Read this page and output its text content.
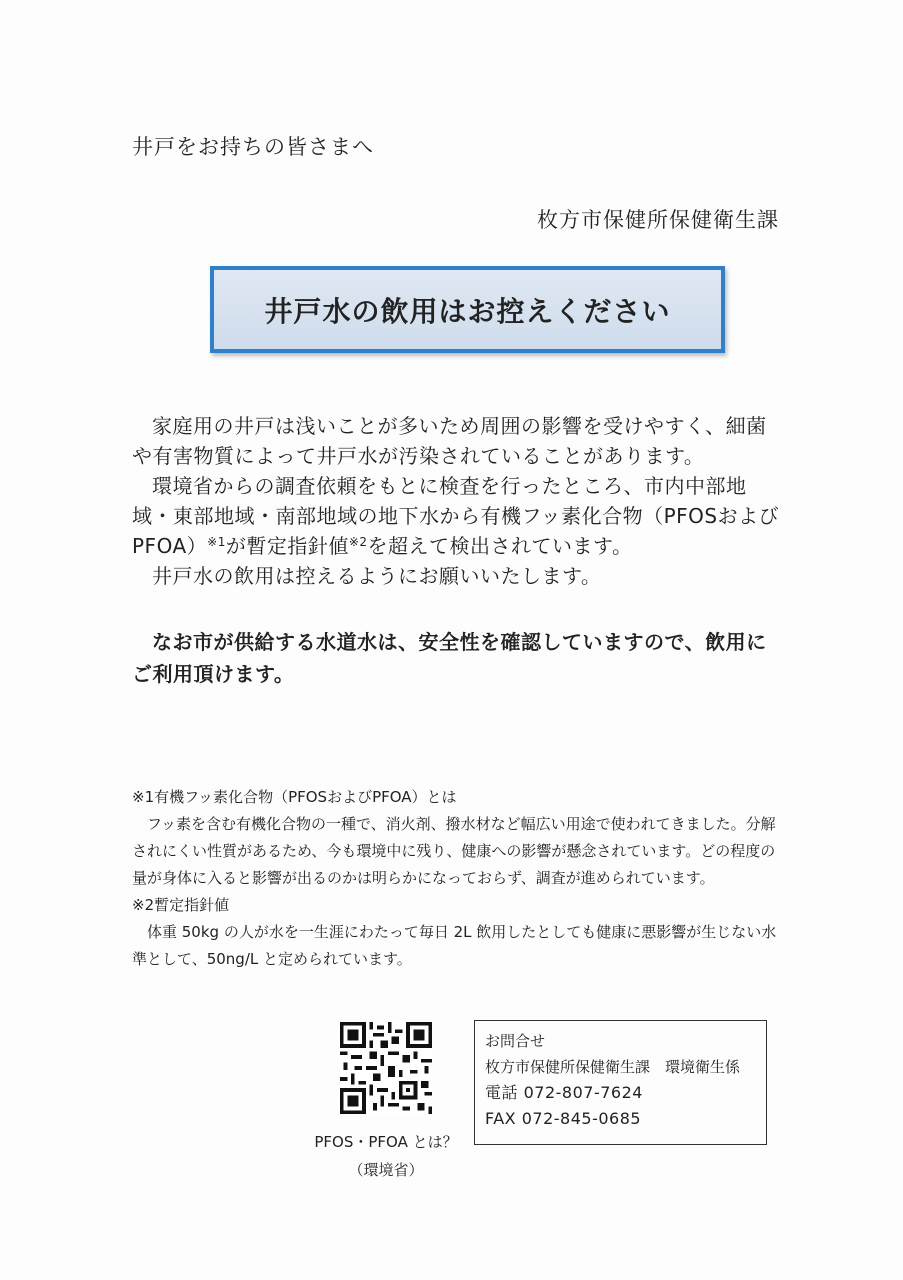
井戸をお持ちの皆さまへ
枚方市保健所保健衛生課
井戸水の飲用はお控えください

家庭用の井戸は浅いことが多いため周囲の影響を受けやすく、細菌や有害物質によって井戸水が汚染されていることがあります。

環境省からの調査依頼をもとに検査を行ったところ、市内中部地域・東部地域・南部地域の地下水から有機フッ素化合物（PFOSおよびPFOA）$^{※1}$が暫定指針値$^{※2}$を超えて検出されています。

井戸水の飲用は控えるようにお願いいたします。

なお市が供給する水道水は、安全性を確認していますので、飲用にご利用頂けます。

※1有機フッ素化合物（PFOSおよびPFOA）とは

フッ素を含む有機化合物の一種で、消火剤、撥水材など幅広い用途で使われてきました。分解されにくい性質があるため、今も環境中に残り、健康への影響が懸念されています。どの程度の量が身体に入ると影響が出るのかは明らかになっておらず、調査が進められています。

※2暫定指針値

体重 50kg の人が水を一生涯にわたって毎日 2L 飲用したとしても健康に悪影響が生じない水準として、50ng/L と定められています。

PFOS・PFOA とは？
（環境省）
お問合せ
枚方市保健所保健衛生課　環境衛生係
電話 072-807-7624
FAX 072-845-0685
